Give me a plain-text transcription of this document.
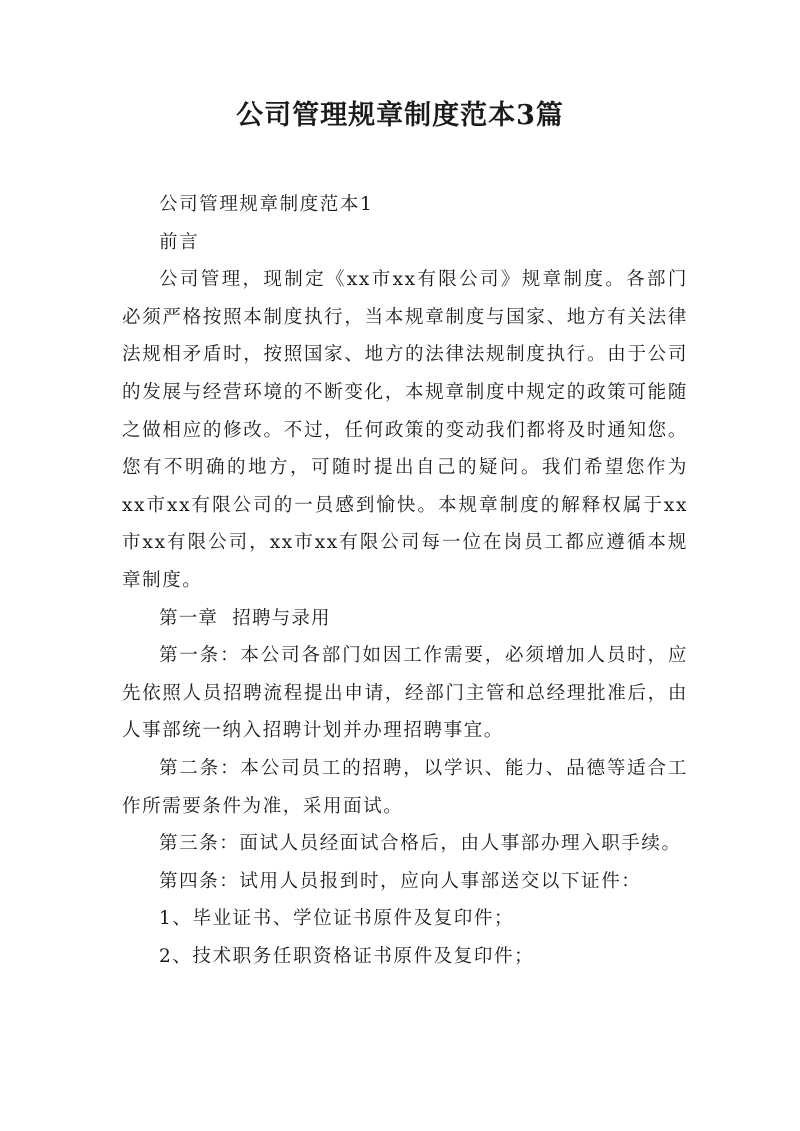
公司管理规章制度范本3篇

公司管理规章制度范本1

前言

公司管理，现制定《xx市xx有限公司》规章制度。各部门必须严格按照本制度执行，当本规章制度与国家、地方有关法律法规相矛盾时，按照国家、地方的法律法规制度执行。由于公司的发展与经营环境的不断变化，本规章制度中规定的政策可能随之做相应的修改。不过，任何政策的变动我们都将及时通知您。您有不明确的地方，可随时提出自己的疑问。我们希望您作为xx市xx有限公司的一员感到愉快。本规章制度的解释权属于xx市xx有限公司，xx市xx有限公司每一位在岗员工都应遵循本规章制度。

第一章  招聘与录用

第一条：本公司各部门如因工作需要，必须增加人员时，应先依照人员招聘流程提出申请，经部门主管和总经理批准后，由人事部统一纳入招聘计划并办理招聘事宜。

第二条：本公司员工的招聘，以学识、能力、品德等适合工作所需要条件为准，采用面试。

第三条：面试人员经面试合格后，由人事部办理入职手续。

第四条：试用人员报到时，应向人事部送交以下证件：

1、毕业证书、学位证书原件及复印件；

2、技术职务任职资格证书原件及复印件；
